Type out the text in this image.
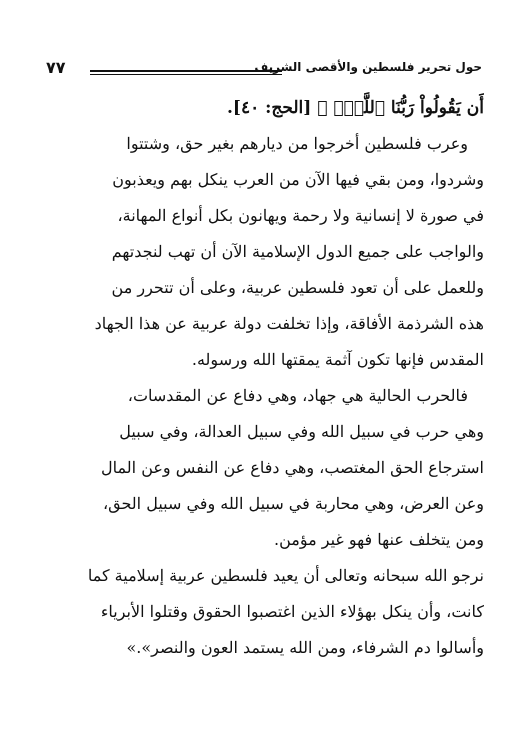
حول تحرير فلسطين والأقصى الشريف
٧٧
أَن يَقُولُواْ رَبُّنَا ٱللَّهُۗ ﴾ [الحج: ٤٠].
وعرب فلسطين أخرجوا من ديارهم بغير حق، وشتتوا
وشردوا، ومن بقي فيها الآن من العرب ينكل بهم ويعذبون
في صورة لا إنسانية ولا رحمة ويهانون بكل أنواع المهانة،
والواجب على جميع الدول الإسلامية الآن أن تهب لنجدتهم
وللعمل على أن تعود فلسطين عربية، وعلى أن تتحرر من
هذه الشرذمة الأفاقة، وإذا تخلفت دولة عربية عن هذا الجهاد
المقدس فإنها تكون آثمة يمقتها الله ورسوله.
فالحرب الحالية هي جهاد، وهي دفاع عن المقدسات،
وهي حرب في سبيل الله وفي سبيل العدالة، وفي سبيل
استرجاع الحق المغتصب، وهي دفاع عن النفس وعن المال
وعن العرض، وهي محاربة في سبيل الله وفي سبيل الحق،
ومن يتخلف عنها فهو غير مؤمن.
نرجو الله سبحانه وتعالى أن يعيد فلسطين عربية إسلامية كما
كانت، وأن ينكل بهؤلاء الذين اغتصبوا الحقوق وقتلوا الأبرياء
وأسالوا دم الشرفاء، ومن الله يستمد العون والنصر».»
